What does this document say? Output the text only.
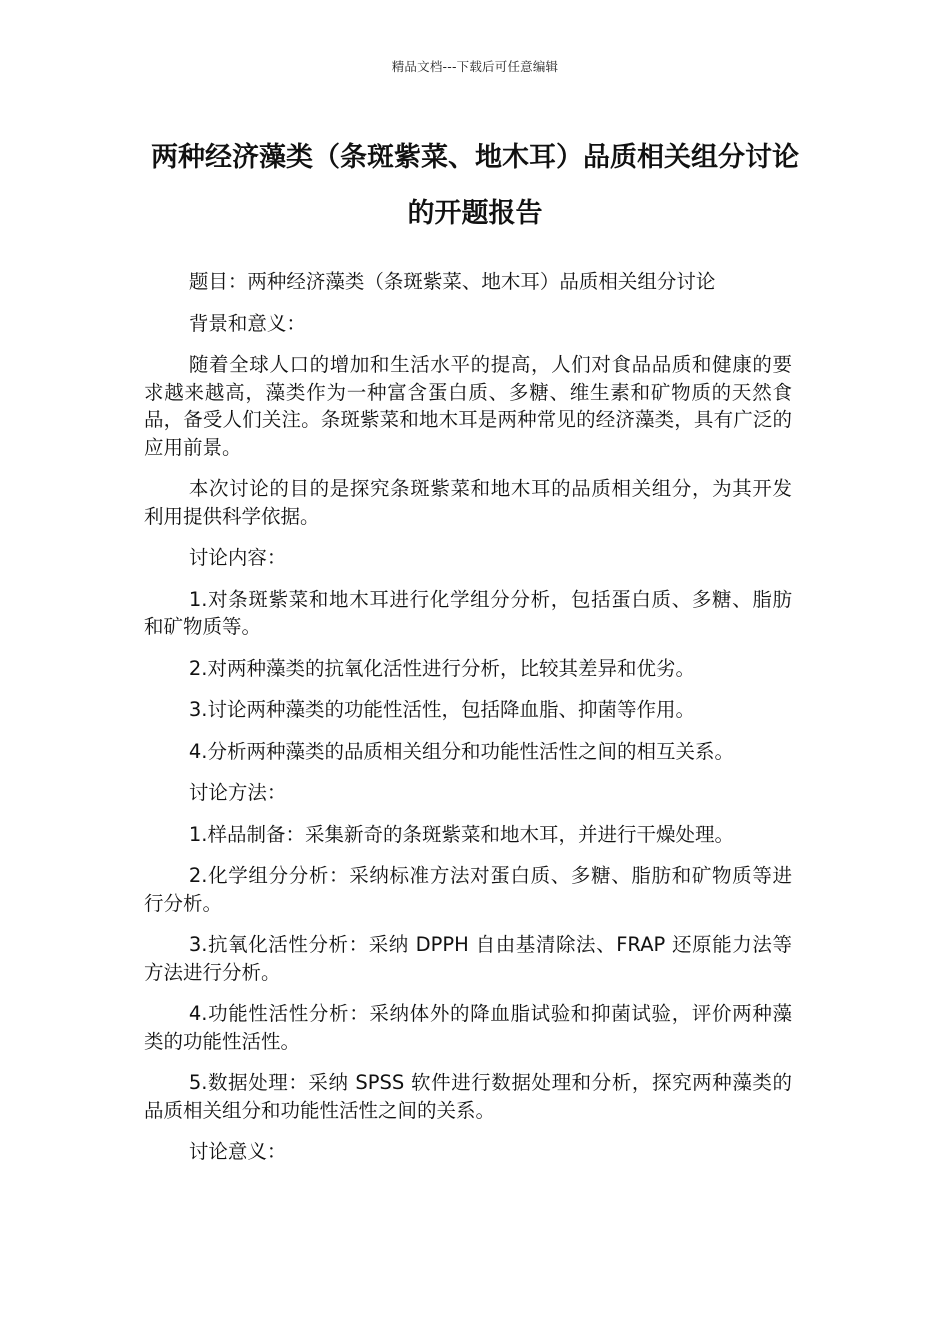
精品文档---下载后可任意编辑
两种经济藻类（条斑紫菜、地木耳）品质相关组分讨论的开题报告

题目：两种经济藻类（条斑紫菜、地木耳）品质相关组分讨论

背景和意义：

随着全球人口的增加和生活水平的提高，人们对食品品质和健康的要求越来越高，藻类作为一种富含蛋白质、多糖、维生素和矿物质的天然食品，备受人们关注。条斑紫菜和地木耳是两种常见的经济藻类，具有广泛的应用前景。

本次讨论的目的是探究条斑紫菜和地木耳的品质相关组分，为其开发利用提供科学依据。

讨论内容：

1.对条斑紫菜和地木耳进行化学组分分析，包括蛋白质、多糖、脂肪和矿物质等。

2.对两种藻类的抗氧化活性进行分析，比较其差异和优劣。

3.讨论两种藻类的功能性活性，包括降血脂、抑菌等作用。

4.分析两种藻类的品质相关组分和功能性活性之间的相互关系。

讨论方法：

1.样品制备：采集新奇的条斑紫菜和地木耳，并进行干燥处理。

2.化学组分分析：采纳标准方法对蛋白质、多糖、脂肪和矿物质等进行分析。

3.抗氧化活性分析：采纳 DPPH 自由基清除法、FRAP 还原能力法等方法进行分析。

4.功能性活性分析：采纳体外的降血脂试验和抑菌试验，评价两种藻类的功能性活性。

5.数据处理：采纳 SPSS 软件进行数据处理和分析，探究两种藻类的品质相关组分和功能性活性之间的关系。

讨论意义：
